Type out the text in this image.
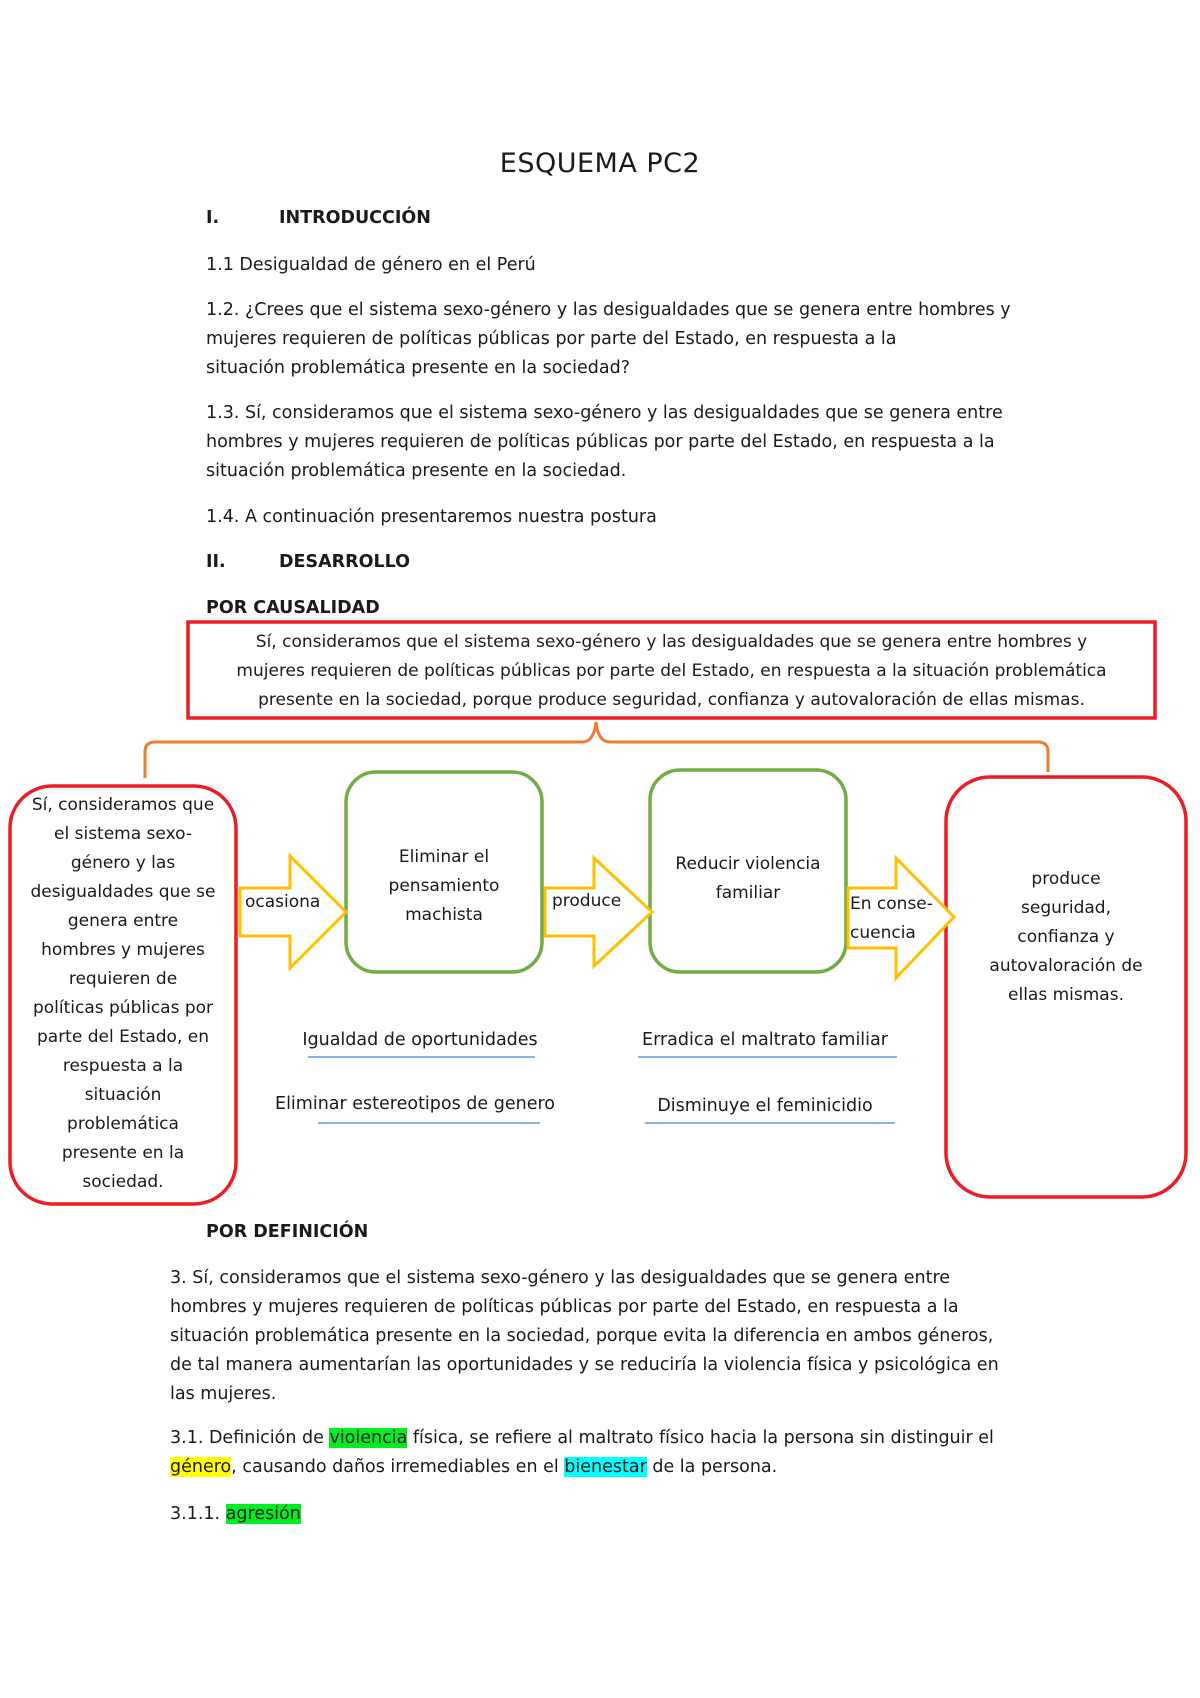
ESQUEMA PC2
I.	INTRODUCCIÓN
1.1 Desigualdad de género en el Perú
1.2. ¿Crees que el sistema sexo-género y las desigualdades que se genera entre hombres y
mujeres requieren de políticas públicas por parte del Estado, en respuesta a la
situación problemática presente en la sociedad?
1.3. Sí, consideramos que el sistema sexo-género y las desigualdades que se genera entre
hombres y mujeres requieren de políticas públicas por parte del Estado, en respuesta a la
situación problemática presente en la sociedad.
1.4. A continuación presentaremos nuestra postura
II.	DESARROLLO
POR CAUSALIDAD
Sí, consideramos que el sistema sexo-género y las desigualdades que se genera entre hombres y
mujeres requieren de políticas públicas por parte del Estado, en respuesta a la situación problemática
presente en la sociedad, porque produce seguridad, confianza y autovaloración de ellas mismas.
Sí, consideramos que
el sistema sexo-
género y las
desigualdades que se
genera entre
hombres y mujeres
requieren de
políticas públicas por
parte del Estado, en
respuesta a la
situación
problemática
presente en la
sociedad.
ocasiona	produce	En conse-
cuencia
Eliminar el
pensamiento
machista
Reducir violencia
familiar
produce
seguridad,
confianza y
autovaloración de
ellas mismas.
Igualdad de oportunidades
Eliminar estereotipos de genero
Erradica el maltrato familiar
Disminuye el feminicidio
POR DEFINICIÓN
3. Sí, consideramos que el sistema sexo-género y las desigualdades que se genera entre
hombres y mujeres requieren de políticas públicas por parte del Estado, en respuesta a la
situación problemática presente en la sociedad, porque evita la diferencia en ambos géneros,
de tal manera aumentarían las oportunidades y se reduciría la violencia física y psicológica en
las mujeres.
3.1. Definición de violencia física, se refiere al maltrato físico hacia la persona sin distinguir el
género, causando daños irremediables en el bienestar de la persona.
3.1.1. agresión
